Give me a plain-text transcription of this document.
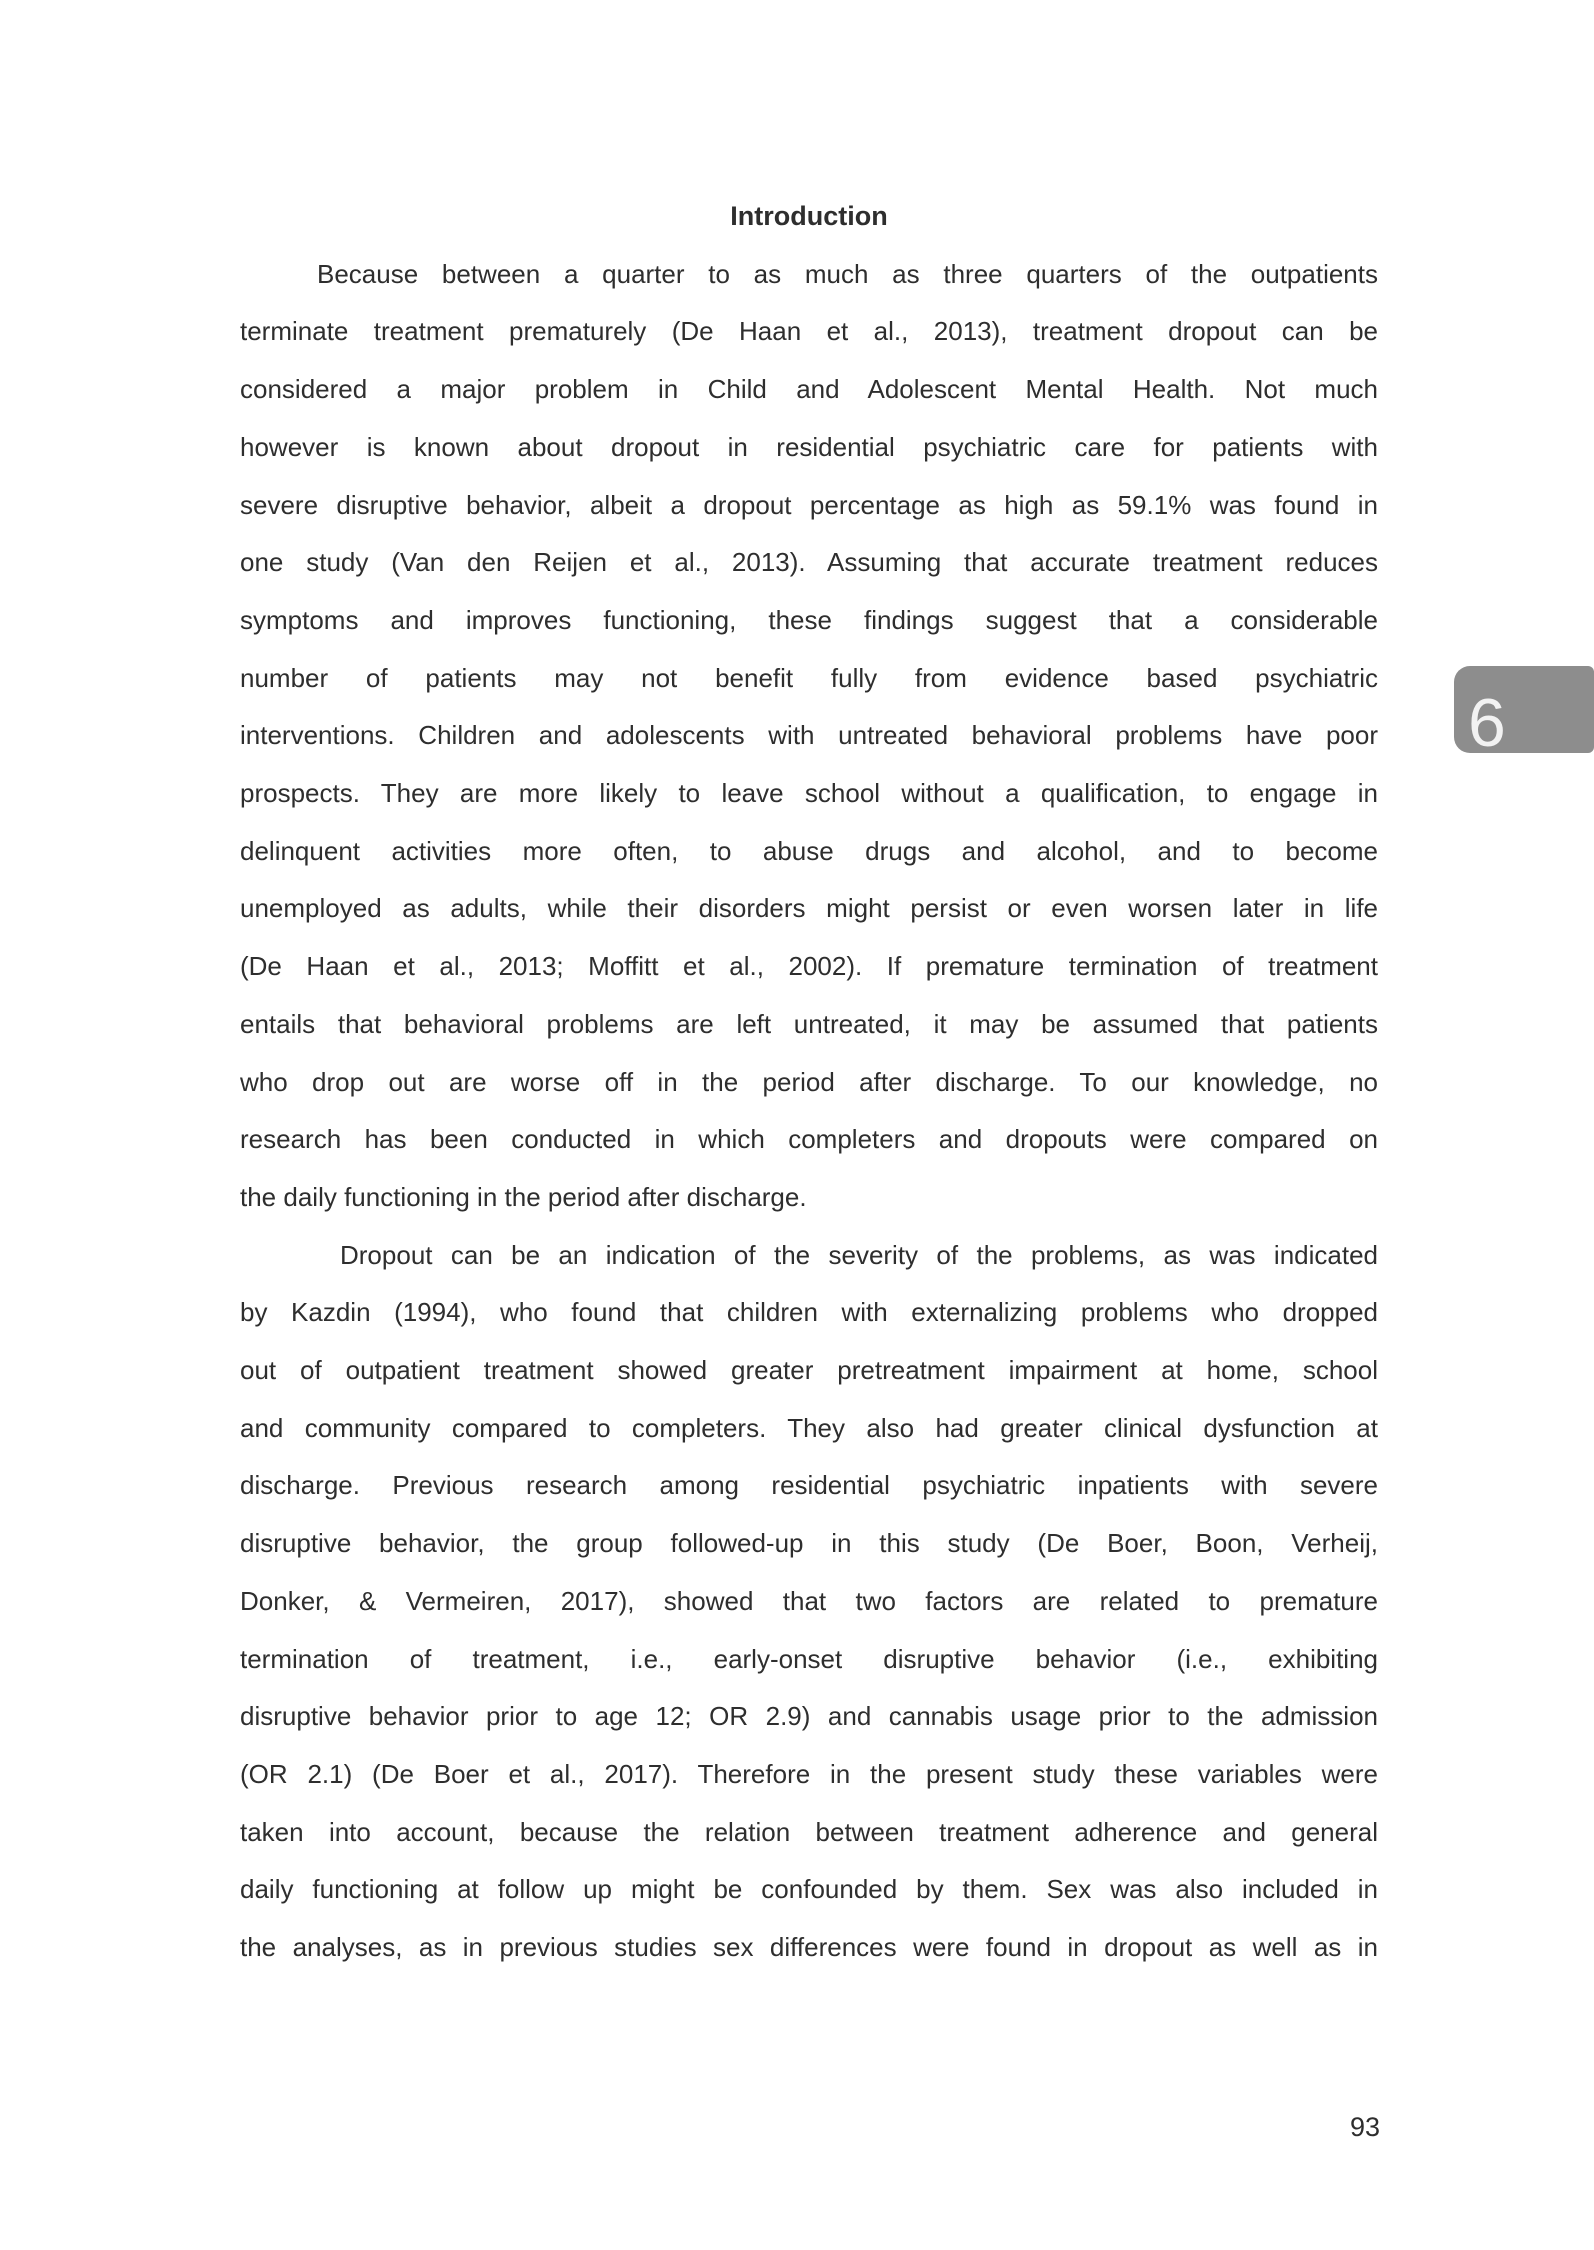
Introduction
Because between a quarter to as much as three quarters of the outpatients
terminate treatment prematurely (De Haan et al., 2013), treatment dropout can be
considered a major problem in Child and Adolescent Mental Health. Not much
however is known about dropout in residential psychiatric care for patients with
severe disruptive behavior, albeit a dropout percentage as high as 59.1% was found in
one study (Van den Reijen et al., 2013). Assuming that accurate treatment reduces
symptoms and improves functioning, these findings suggest that a considerable
number of patients may not benefit fully from evidence based psychiatric
interventions. Children and adolescents with untreated behavioral problems have poor
prospects. They are more likely to leave school without a qualification, to engage in
delinquent activities more often, to abuse drugs and alcohol, and to become
unemployed as adults, while their disorders might persist or even worsen later in life
(De Haan et al., 2013; Moffitt et al., 2002). If premature termination of treatment
entails that behavioral problems are left untreated, it may be assumed that patients
who drop out are worse off in the period after discharge. To our knowledge, no
research has been conducted in which completers and dropouts were compared on
the daily functioning in the period after discharge.
Dropout can be an indication of the severity of the problems, as was indicated
by Kazdin (1994), who found that children with externalizing problems who dropped
out of outpatient treatment showed greater pretreatment impairment at home, school
and community compared to completers. They also had greater clinical dysfunction at
discharge. Previous research among residential psychiatric inpatients with severe
disruptive behavior, the group followed-up in this study (De Boer, Boon, Verheij,
Donker, & Vermeiren, 2017), showed that two factors are related to premature
termination of treatment, i.e., early-onset disruptive behavior (i.e., exhibiting
disruptive behavior prior to age 12; OR 2.9) and cannabis usage prior to the admission
(OR 2.1) (De Boer et al., 2017). Therefore in the present study these variables were
taken into account, because the relation between treatment adherence and general
daily functioning at follow up might be confounded by them. Sex was also included in
the analyses, as in previous studies sex differences were found in dropout as well as in
6
93
